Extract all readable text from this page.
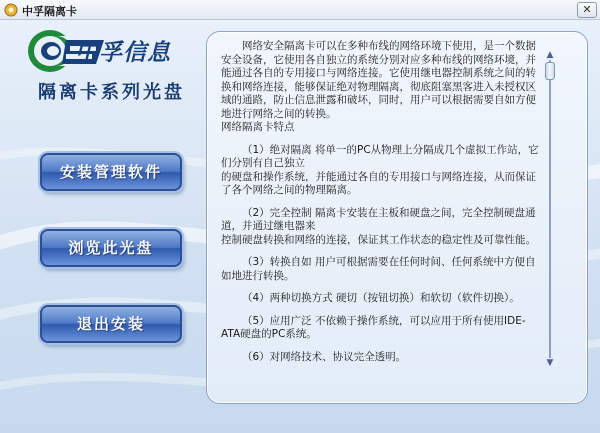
中孚隔离卡	✕
中孚信息
隔离卡系列光盘
安装管理软件
浏览此光盘
退出安装

网络安全隔离卡可以在多种布线的网络环境下使用，是一个数据安全设备，它使用各自独立的系统分别对应多种布线的网络环境，并能通过各自的专用接口与网络连接。它使用继电器控制系统之间的转换和网络连接，能够保证绝对物理隔离，彻底阻塞黑客进入未授权区域的通路，防止信息泄露和破坏，同时，用户可以根据需要自如方便地进行网络之间的转换。

网络隔离卡特点

（1）绝对隔离 将单一的PC从物理上分隔成几个虚拟工作站，它们分别有自己独立

的硬盘和操作系统，并能通过各自的专用接口与网络连接，从而保证了各个网络之间的物理隔离。

（2）完全控制 隔离卡安装在主板和硬盘之间，完全控制硬盘通道，并通过继电器来

控制硬盘转换和网络的连接，保证其工作状态的稳定性及可靠性能。

（3）转换自如 用户可根据需要在任何时间、任何系统中方便自如地进行转换。

（4）两种切换方式 硬切（按钮切换）和软切（软件切换）。

（5）应用广泛 不依赖于操作系统，可以应用于所有使用IDE-ATA硬盘的PC系统。

（6）对网络技术、协议完全透明。

▲
▼
